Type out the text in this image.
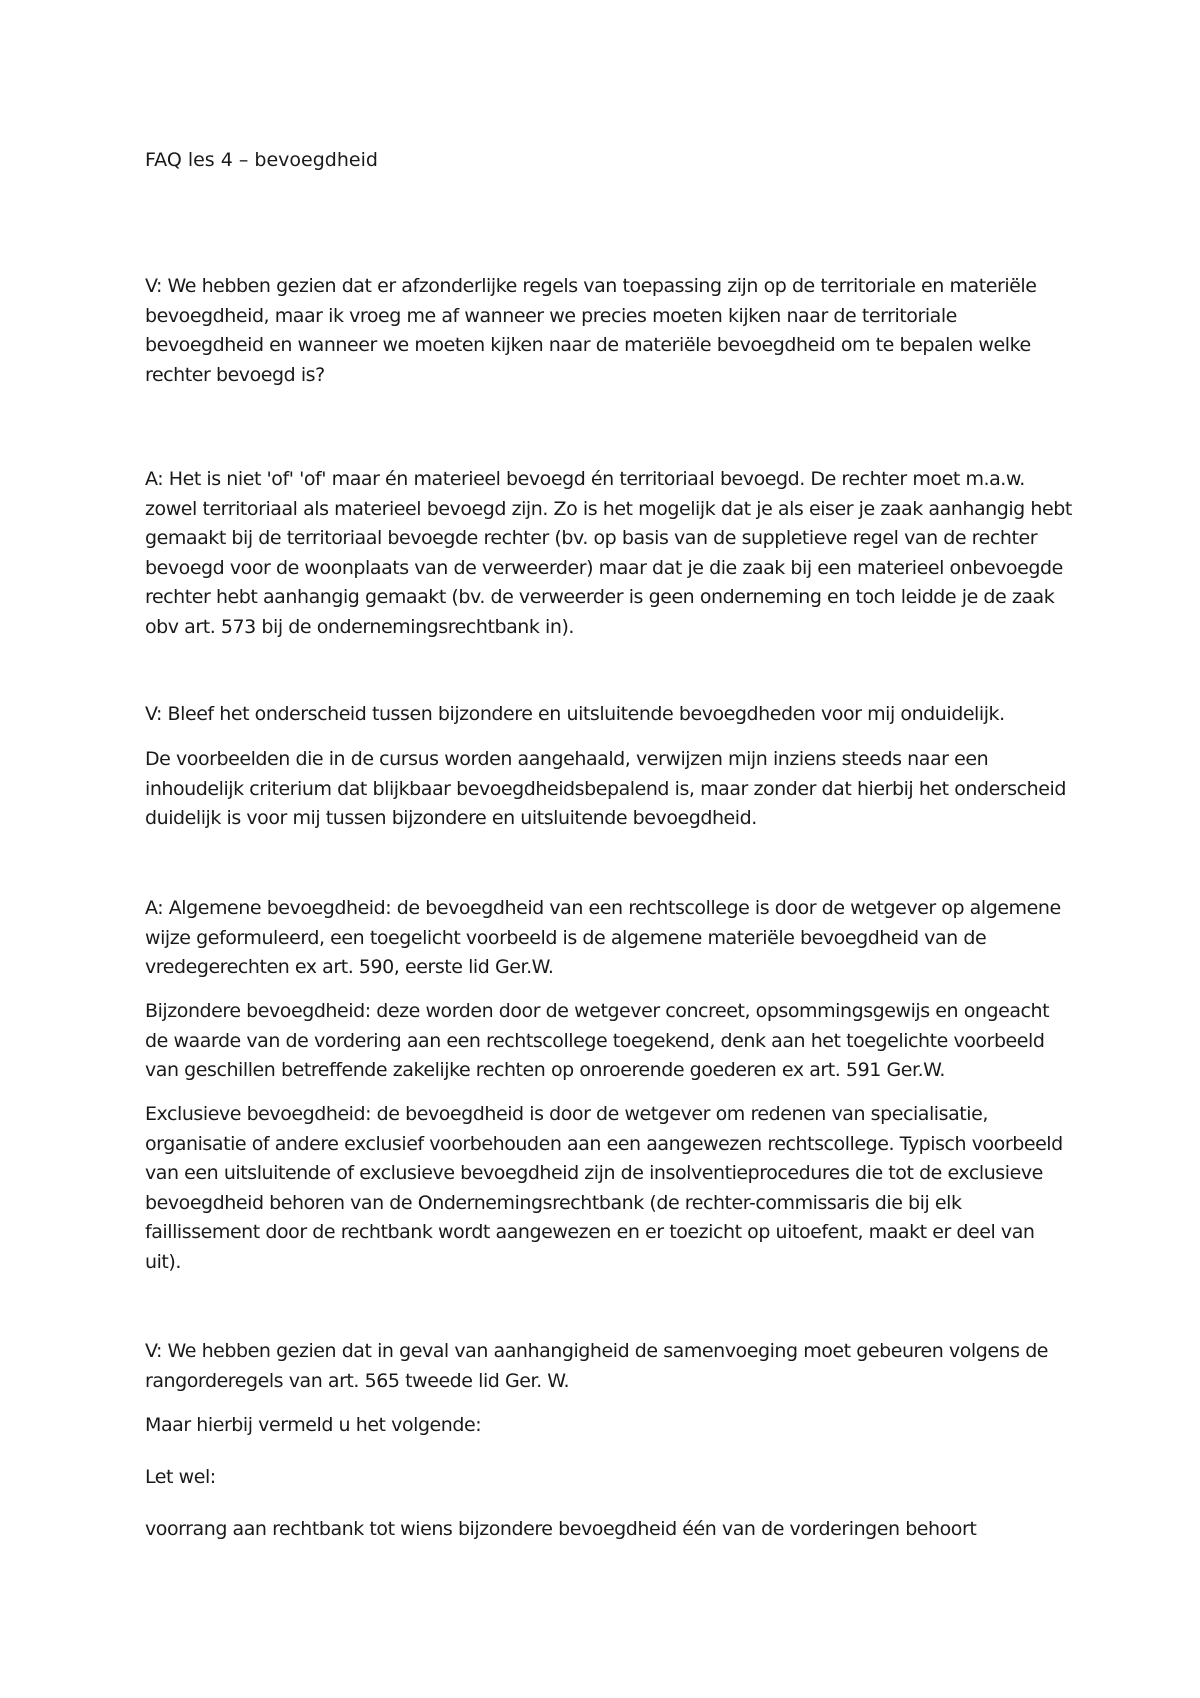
FAQ les 4 – bevoegdheid

V: We hebben gezien dat er afzonderlijke regels van toepassing zijn op de territoriale en materiële
bevoegdheid, maar ik vroeg me af wanneer we precies moeten kijken naar de territoriale
bevoegdheid en wanneer we moeten kijken naar de materiële bevoegdheid om te bepalen welke
rechter bevoegd is?

A: Het is niet 'of' 'of' maar én materieel bevoegd én territoriaal bevoegd. De rechter moet m.a.w.
zowel territoriaal als materieel bevoegd zijn. Zo is het mogelijk dat je als eiser je zaak aanhangig hebt
gemaakt bij de territoriaal bevoegde rechter (bv. op basis van de suppletieve regel van de rechter
bevoegd voor de woonplaats van de verweerder) maar dat je die zaak bij een materieel onbevoegde
rechter hebt aanhangig gemaakt (bv. de verweerder is geen onderneming en toch leidde je de zaak
obv art. 573 bij de ondernemingsrechtbank in).

V: Bleef het onderscheid tussen bijzondere en uitsluitende bevoegdheden voor mij onduidelijk.

De voorbeelden die in de cursus worden aangehaald, verwijzen mijn inziens steeds naar een
inhoudelijk criterium dat blijkbaar bevoegdheidsbepalend is, maar zonder dat hierbij het onderscheid
duidelijk is voor mij tussen bijzondere en uitsluitende bevoegdheid.

A: Algemene bevoegdheid: de bevoegdheid van een rechtscollege is door de wetgever op algemene
wijze geformuleerd, een toegelicht voorbeeld is de algemene materiële bevoegdheid van de
vredegerechten ex art. 590, eerste lid Ger.W.

Bijzondere bevoegdheid: deze worden door de wetgever concreet, opsommingsgewijs en ongeacht
de waarde van de vordering aan een rechtscollege toegekend, denk aan het toegelichte voorbeeld
van geschillen betreffende zakelijke rechten op onroerende goederen ex art. 591 Ger.W.

Exclusieve bevoegdheid: de bevoegdheid is door de wetgever om redenen van specialisatie,
organisatie of andere exclusief voorbehouden aan een aangewezen rechtscollege. Typisch voorbeeld
van een uitsluitende of exclusieve bevoegdheid zijn de insolventieprocedures die tot de exclusieve
bevoegdheid behoren van de Ondernemingsrechtbank (de rechter-commissaris die bij elk
faillissement door de rechtbank wordt aangewezen en er toezicht op uitoefent, maakt er deel van
uit).

V: We hebben gezien dat in geval van aanhangigheid de samenvoeging moet gebeuren volgens de
rangorderegels van art. 565 tweede lid Ger. W.

Maar hierbij vermeld u het volgende:

Let wel:

voorrang aan rechtbank tot wiens bijzondere bevoegdheid één van de vorderingen behoort
